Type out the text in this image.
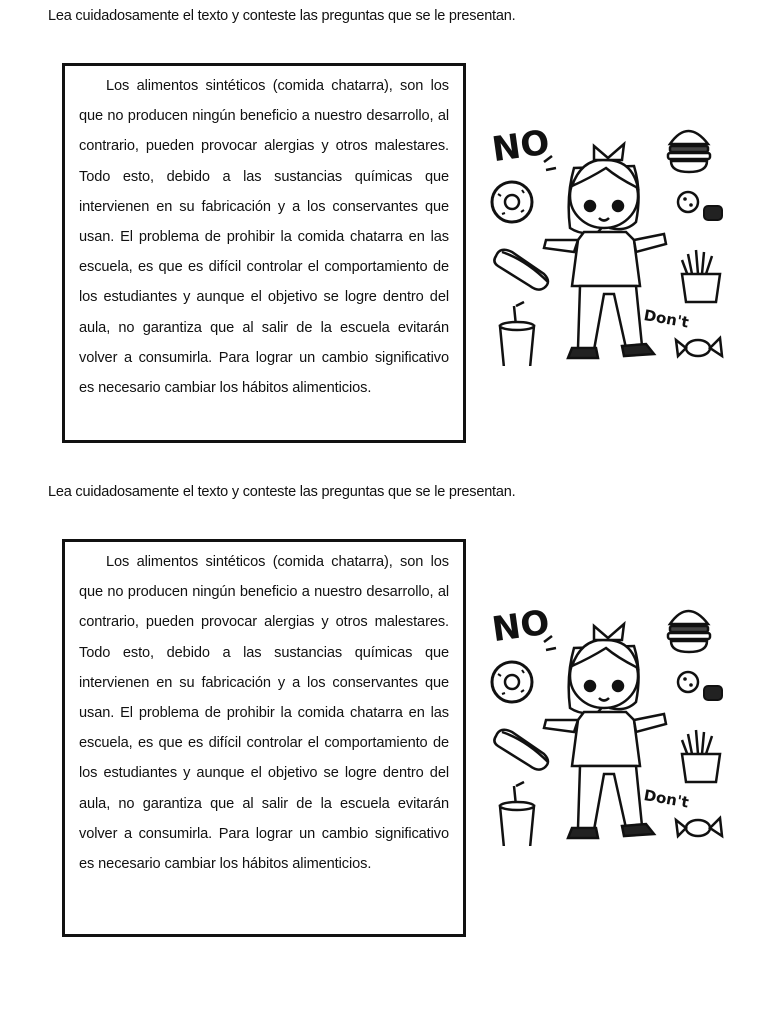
Lea cuidadosamente el texto y conteste las preguntas que se le presentan.

Los alimentos sintéticos (comida chatarra), son los que no producen ningún beneficio a nuestro desarrollo, al contrario, pueden provocar alergias y otros malestares. Todo esto, debido a las sustancias químicas que intervienen en su fabricación y a los conservantes que usan. El problema de prohibir la comida chatarra en las escuela, es que es difícil controlar el comportamiento de los estudiantes y aunque el objetivo se logre dentro del aula, no garantiza que al salir de la escuela evitarán volver a consumirla. Para lograr un cambio significativo es necesario cambiar los hábitos alimenticios.

NO
Don't
Lea cuidadosamente el texto y conteste las preguntas que se le presentan.

Los alimentos sintéticos (comida chatarra), son los que no producen ningún beneficio a nuestro desarrollo, al contrario, pueden provocar alergias y otros malestares. Todo esto, debido a las sustancias químicas que intervienen en su fabricación y a los conservantes que usan. El problema de prohibir la comida chatarra en las escuela, es que es difícil controlar el comportamiento de los estudiantes y aunque el objetivo se logre dentro del aula, no garantiza que al salir de la escuela evitarán volver a consumirla. Para lograr un cambio significativo es necesario cambiar los hábitos alimenticios.

NO
Don't
